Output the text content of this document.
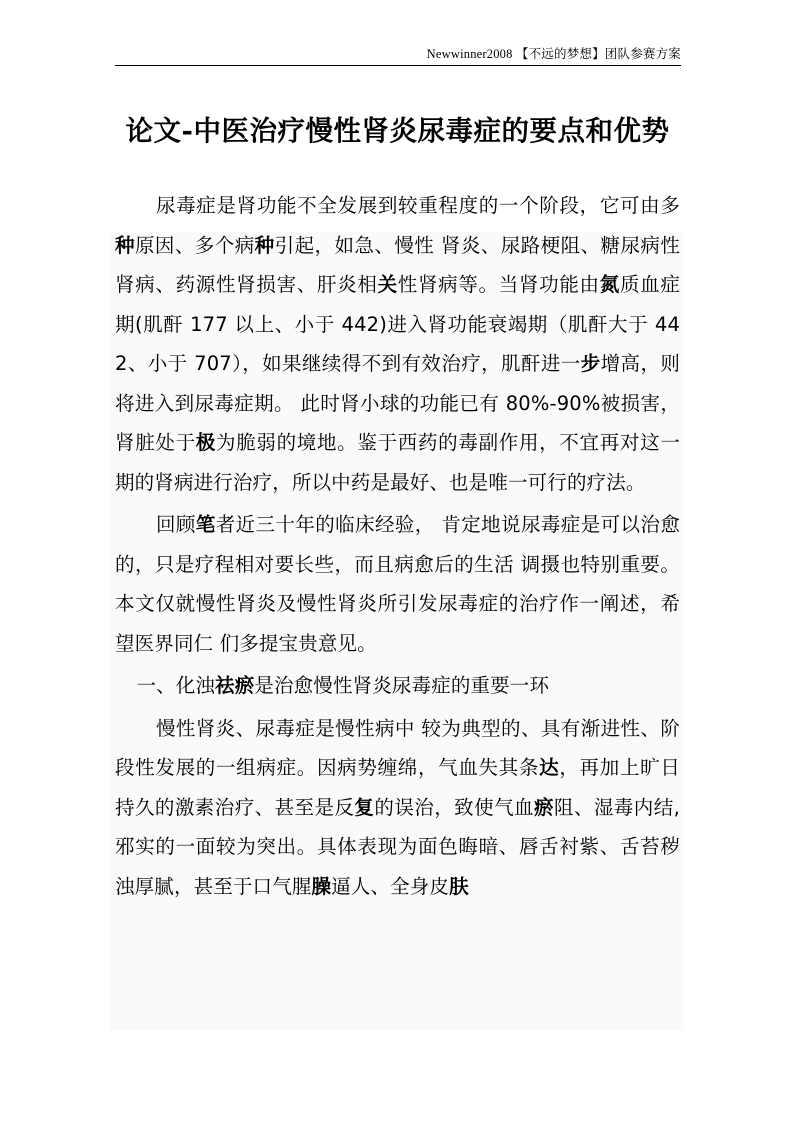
Newwinner2008 【不远的梦想】团队参赛方案
论文-中医治疗慢性肾炎尿毒症的要点和优势
尿毒症是肾功能不全发展到较重程度的一个阶段，它可由多种原因、多个病种引起，如急、慢性 肾炎、尿路梗阻、糖尿病性肾病、药源性肾损害、肝炎相关性肾病等。当肾功能由氮质血症期(肌酐 177 以上、小于 442)进入肾功能衰竭期（肌酐大于 442、小于 707），如果继续得不到有效治疗，肌酐进一步增高，则将进入到尿毒症期。 此时肾小球的功能已有 80%-90%被损害，肾脏处于极为脆弱的境地。鉴于西药的毒副作用，不宜再对这一期的肾病进行治疗，所以中药是最好、也是唯一可行的疗法。
回顾笔者近三十年的临床经验， 肯定地说尿毒症是可以治愈的，只是疗程相对要长些，而且病愈后的生活 调摄也特别重要。本文仅就慢性肾炎及慢性肾炎所引发尿毒症的治疗作一阐述，希望医界同仁 们多提宝贵意见。
一、化浊祛瘀是治愈慢性肾炎尿毒症的重要一环
慢性肾炎、尿毒症是慢性病中 较为典型的、具有渐进性、阶段性发展的一组病症。因病势缠绵，气血失其条达，再加上旷日持久的激素治疗、甚至是反复的误治，致使气血瘀阻、湿毒内结,邪实的一面较为突出。具体表现为面色晦暗、唇舌衬紫、舌苔秽浊厚腻，甚至于口气腥臊逼人、全身皮肤
